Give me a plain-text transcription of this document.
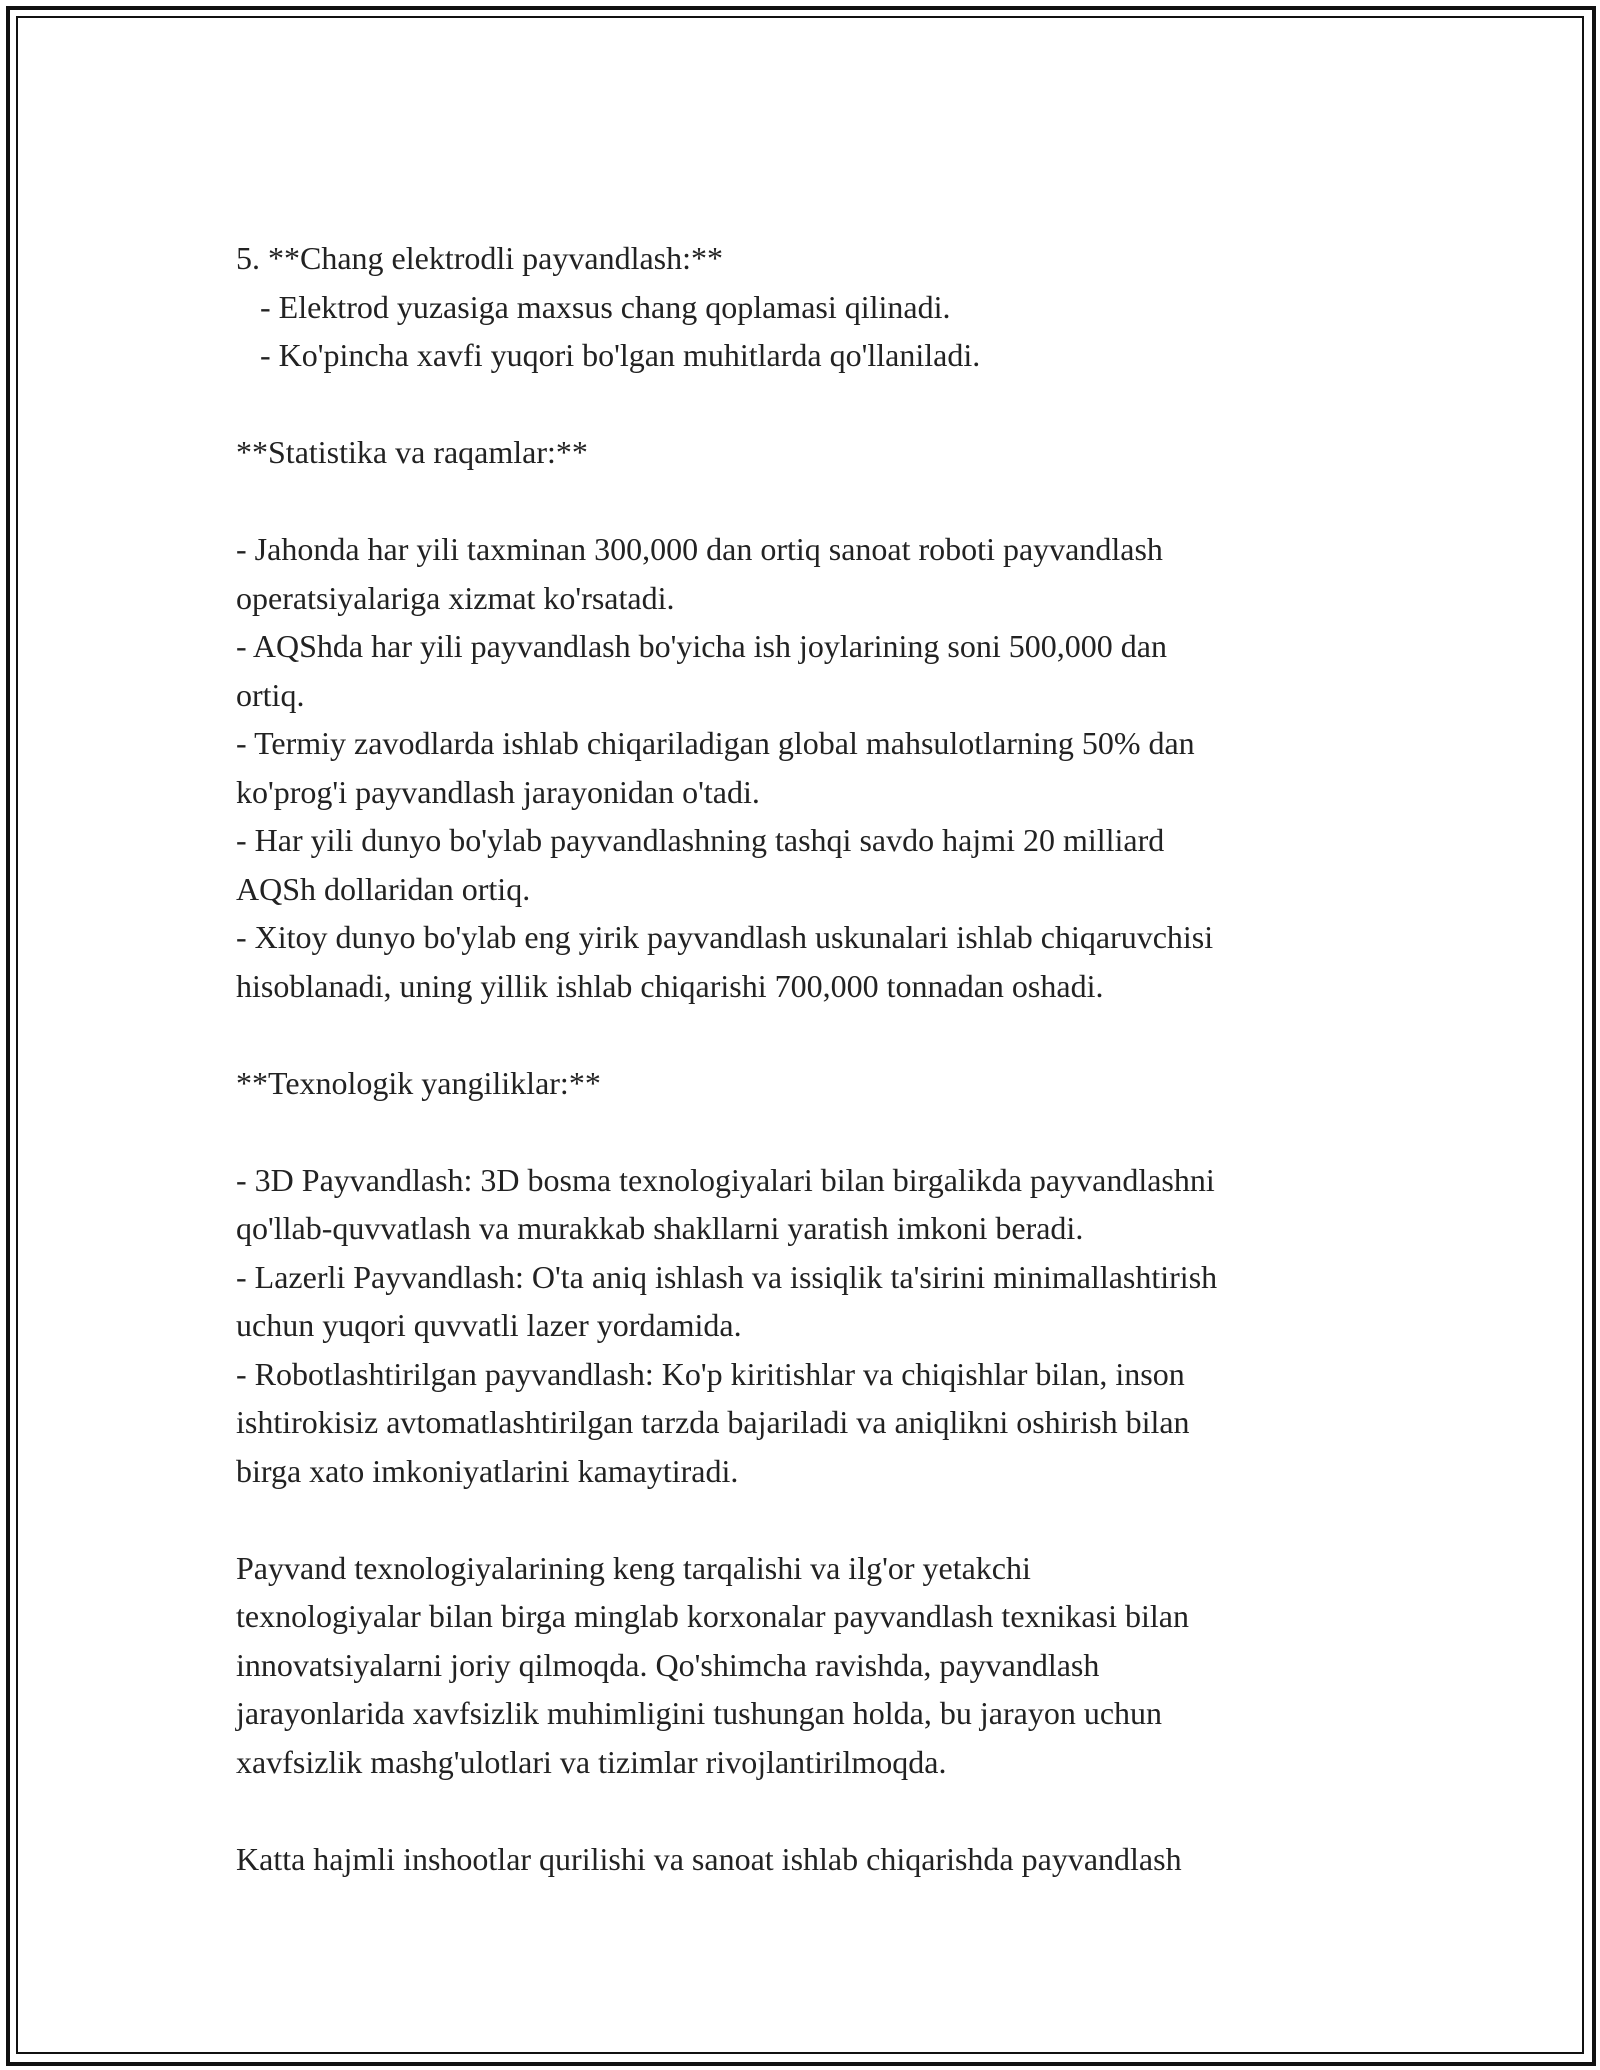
5. **Chang elektrodli payvandlash:**
- Elektrod yuzasiga maxsus chang qoplamasi qilinadi.
- Ko'pincha xavfi yuqori bo'lgan muhitlarda qo'llaniladi.
**Statistika va raqamlar:**
- Jahonda har yili taxminan 300,000 dan ortiq sanoat roboti payvandlash
operatsiyalariga xizmat ko'rsatadi.
- AQShda har yili payvandlash bo'yicha ish joylarining soni 500,000 dan
ortiq.
- Termiy zavodlarda ishlab chiqariladigan global mahsulotlarning 50% dan
ko'prog'i payvandlash jarayonidan o'tadi.
- Har yili dunyo bo'ylab payvandlashning tashqi savdo hajmi 20 milliard
AQSh dollaridan ortiq.
- Xitoy dunyo bo'ylab eng yirik payvandlash uskunalari ishlab chiqaruvchisi
hisoblanadi, uning yillik ishlab chiqarishi 700,000 tonnadan oshadi.
**Texnologik yangiliklar:**
- 3D Payvandlash: 3D bosma texnologiyalari bilan birgalikda payvandlashni
qo'llab-quvvatlash va murakkab shakllarni yaratish imkoni beradi.
- Lazerli Payvandlash: O'ta aniq ishlash va issiqlik ta'sirini minimallashtirish
uchun yuqori quvvatli lazer yordamida.
- Robotlashtirilgan payvandlash: Ko'p kiritishlar va chiqishlar bilan, inson
ishtirokisiz avtomatlashtirilgan tarzda bajariladi va aniqlikni oshirish bilan
birga xato imkoniyatlarini kamaytiradi.
Payvand texnologiyalarining keng tarqalishi va ilg'or yetakchi
texnologiyalar bilan birga minglab korxonalar payvandlash texnikasi bilan
innovatsiyalarni joriy qilmoqda. Qo'shimcha ravishda, payvandlash
jarayonlarida xavfsizlik muhimligini tushungan holda, bu jarayon uchun
xavfsizlik mashg'ulotlari va tizimlar rivojlantirilmoqda.
Katta hajmli inshootlar qurilishi va sanoat ishlab chiqarishda payvandlash
